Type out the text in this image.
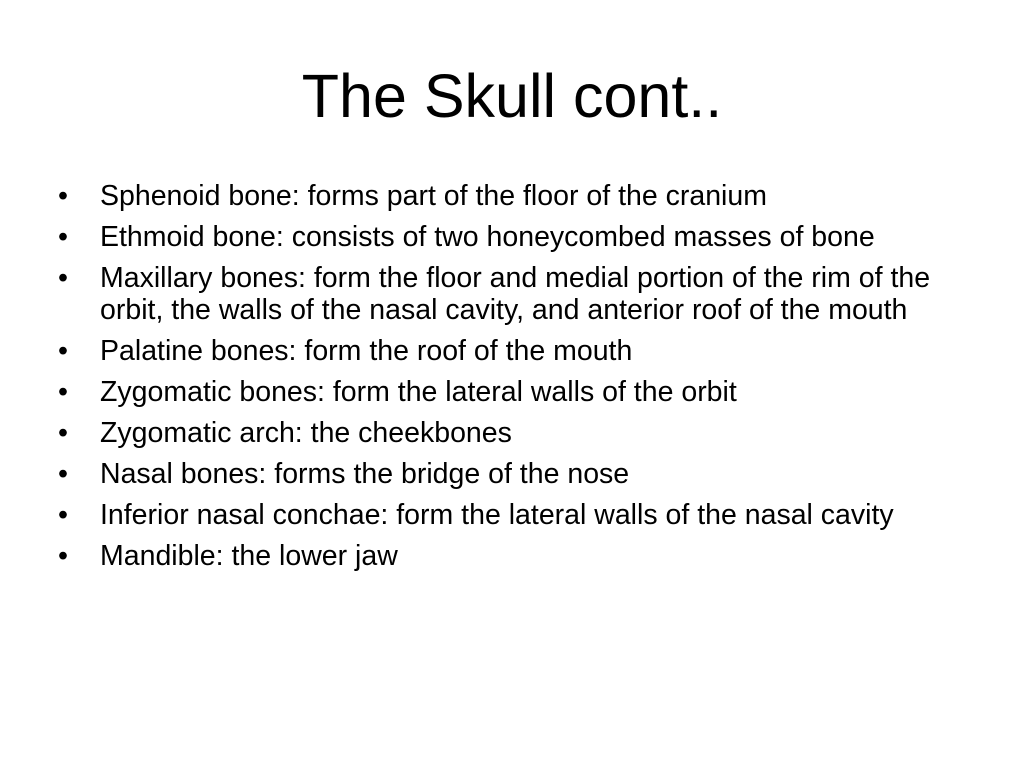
The Skull cont..
•	Sphenoid bone: forms part of the floor of the cranium
•	Ethmoid bone: consists of two honeycombed masses of bone
•	Maxillary bones: form the floor and medial portion of the rim of the orbit, the walls of the nasal cavity, and anterior roof of the mouth
•	Palatine bones: form the roof of the mouth
•	Zygomatic bones: form the lateral walls of the orbit
•	Zygomatic arch: the cheekbones
•	Nasal bones: forms the bridge of the nose
•	Inferior nasal conchae: form the lateral walls of the nasal cavity
•	Mandible: the lower jaw
